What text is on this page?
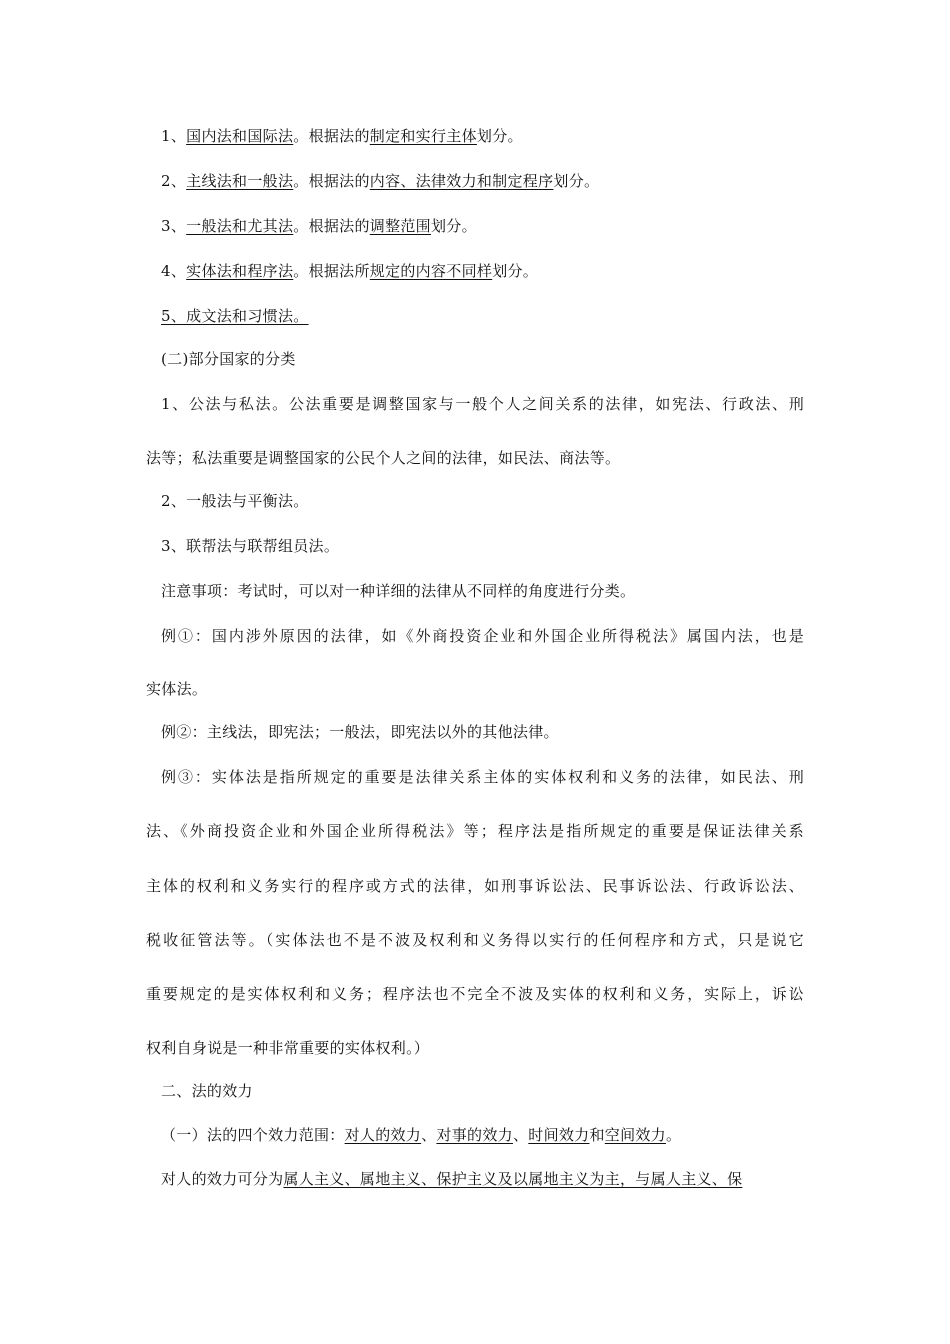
1、国内法和国际法。根据法的制定和实行主体划分。
2、主线法和一般法。根据法的内容、法律效力和制定程序划分。
3、一般法和尤其法。根据法的调整范围划分。
4、实体法和程序法。根据法所规定的内容不同样划分。
5、成文法和习惯法。
(二)部分国家的分类
1、公法与私法。公法重要是调整国家与一般个人之间关系的法律，如宪法、行政法、刑
法等；私法重要是调整国家的公民个人之间的法律，如民法、商法等。
2、一般法与平衡法。
3、联帮法与联帮组员法。
注意事项：考试时，可以对一种详细的法律从不同样的角度进行分类。
例①：国内涉外原因的法律，如《外商投资企业和外国企业所得税法》属国内法，也是
实体法。
例②：主线法，即宪法；一般法，即宪法以外的其他法律。
例③：实体法是指所规定的重要是法律关系主体的实体权利和义务的法律，如民法、刑
法、《外商投资企业和外国企业所得税法》等；程序法是指所规定的重要是保证法律关系
主体的权利和义务实行的程序或方式的法律，如刑事诉讼法、民事诉讼法、行政诉讼法、
税收征管法等。（实体法也不是不波及权利和义务得以实行的任何程序和方式，只是说它
重要规定的是实体权利和义务；程序法也不完全不波及实体的权利和义务，实际上，诉讼
权利自身说是一种非常重要的实体权利。）
二、法的效力
（一）法的四个效力范围：对人的效力、对事的效力、时间效力和空间效力。
对人的效力可分为属人主义、属地主义、保护主义及以属地主义为主，与属人主义、保
